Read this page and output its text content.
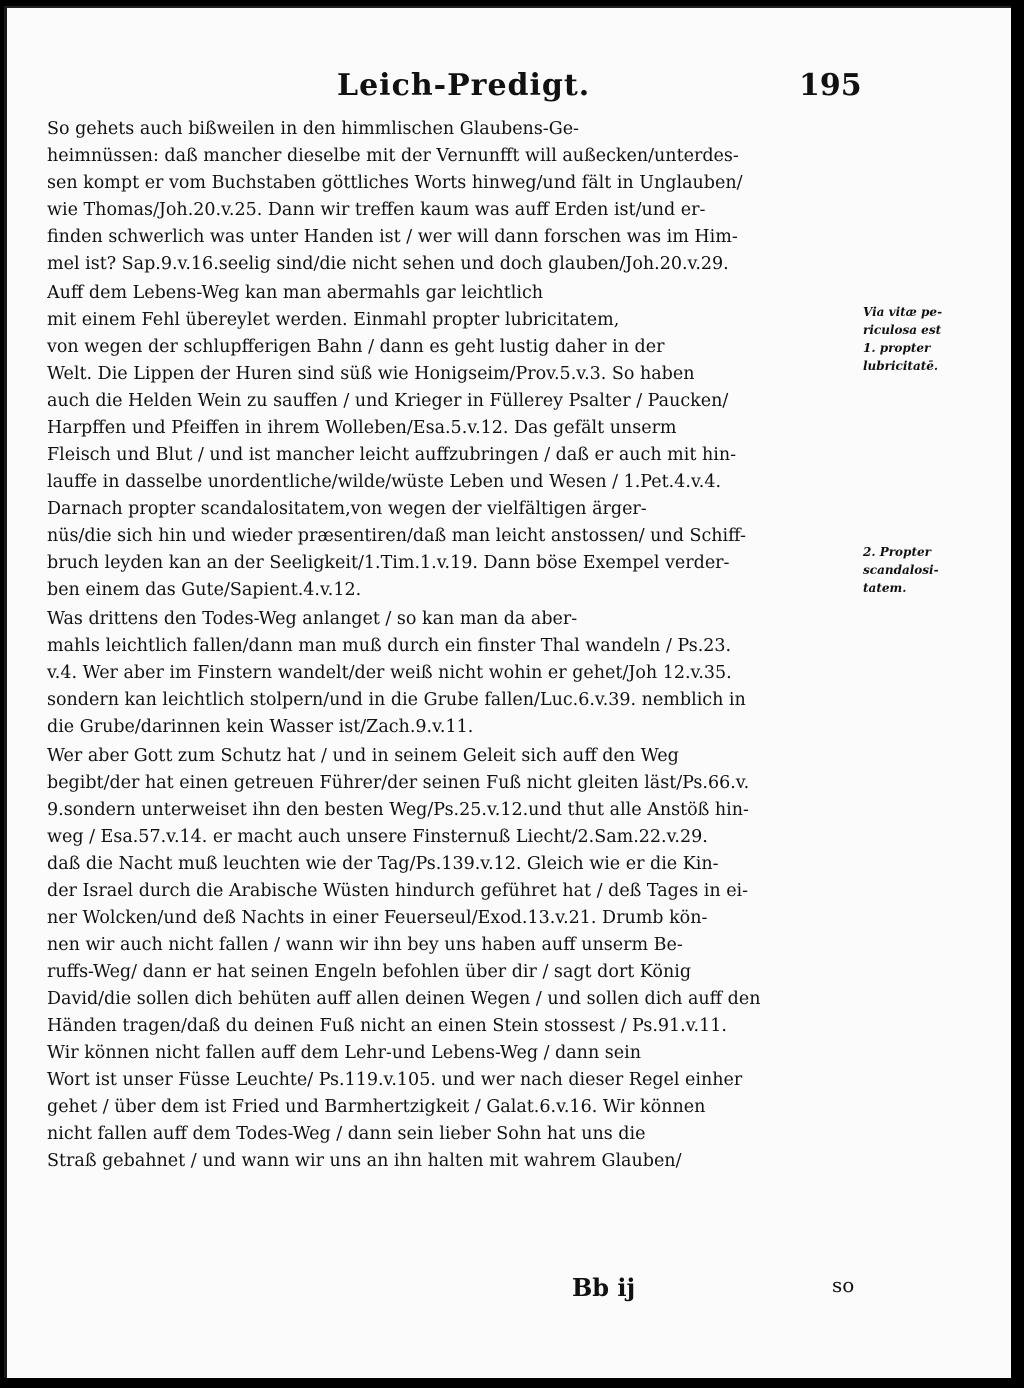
Leich-Predigt.	195
So gehets auch bißweilen in den himmlischen Glaubens-Ge-
heimnüssen: daß mancher dieselbe mit der Vernunfft will außecken/unterdes-
sen kompt er vom Buchstaben göttliches Worts hinweg/und fält in Unglauben/
wie Thomas/Joh.20.v.25. Dann wir treffen kaum was auff Erden ist/und er-
finden schwerlich was unter Handen ist / wer will dann forschen was im Him-
mel ist? Sap.9.v.16.seelig sind/die nicht sehen und doch glauben/Joh.20.v.29.
Auff dem Lebens-Weg kan man abermahls gar leichtlich
mit einem Fehl übereylet werden. Einmahl propter lubricitatem,
von wegen der schlupfferigen Bahn / dann es geht lustig daher in der
Welt. Die Lippen der Huren sind süß wie Honigseim/Prov.5.v.3. So haben
auch die Helden Wein zu sauffen / und Krieger in Füllerey Psalter / Paucken/
Harpffen und Pfeiffen in ihrem Wolleben/Esa.5.v.12. Das gefält unserm
Fleisch und Blut / und ist mancher leicht auffzubringen / daß er auch mit hin-
lauffe in dasselbe unordentliche/wilde/wüste Leben und Wesen / 1.Pet.4.v.4.
Darnach propter scandalositatem,von wegen der vielfältigen ärger-
nüs/die sich hin und wieder præsentiren/daß man leicht anstossen/ und Schiff-
bruch leyden kan an der Seeligkeit/1.Tim.1.v.19. Dann böse Exempel verder-
ben einem das Gute/Sapient.4.v.12.
Was drittens den Todes-Weg anlanget / so kan man da aber-
mahls leichtlich fallen/dann man muß durch ein finster Thal wandeln / Ps.23.
v.4. Wer aber im Finstern wandelt/der weiß nicht wohin er gehet/Joh 12.v.35.
sondern kan leichtlich stolpern/und in die Grube fallen/Luc.6.v.39. nemblich in
die Grube/darinnen kein Wasser ist/Zach.9.v.11.
Wer aber Gott zum Schutz hat / und in seinem Geleit sich auff den Weg
begibt/der hat einen getreuen Führer/der seinen Fuß nicht gleiten läst/Ps.66.v.
9.sondern unterweiset ihn den besten Weg/Ps.25.v.12.und thut alle Anstöß hin-
weg / Esa.57.v.14. er macht auch unsere Finsternuß Liecht/2.Sam.22.v.29.
daß die Nacht muß leuchten wie der Tag/Ps.139.v.12. Gleich wie er die Kin-
der Israel durch die Arabische Wüsten hindurch geführet hat / deß Tages in ei-
ner Wolcken/und deß Nachts in einer Feuerseul/Exod.13.v.21. Drumb kön-
nen wir auch nicht fallen / wann wir ihn bey uns haben auff unserm Be-
ruffs-Weg/ dann er hat seinen Engeln befohlen über dir / sagt dort König
David/die sollen dich behüten auff allen deinen Wegen / und sollen dich auff den
Händen tragen/daß du deinen Fuß nicht an einen Stein stossest / Ps.91.v.11.
Wir können nicht fallen auff dem Lehr-und Lebens-Weg / dann sein
Wort ist unser Füsse Leuchte/ Ps.119.v.105. und wer nach dieser Regel einher
gehet / über dem ist Fried und Barmhertzigkeit / Galat.6.v.16. Wir können
nicht fallen auff dem Todes-Weg / dann sein lieber Sohn hat uns die
Straß gebahnet / und wann wir uns an ihn halten mit wahrem Glauben/
Via vitæ pe-
riculosa est
1. propter
lubricitatē.
2. Propter
scandalosi-
tatem.
Bb ij	so
